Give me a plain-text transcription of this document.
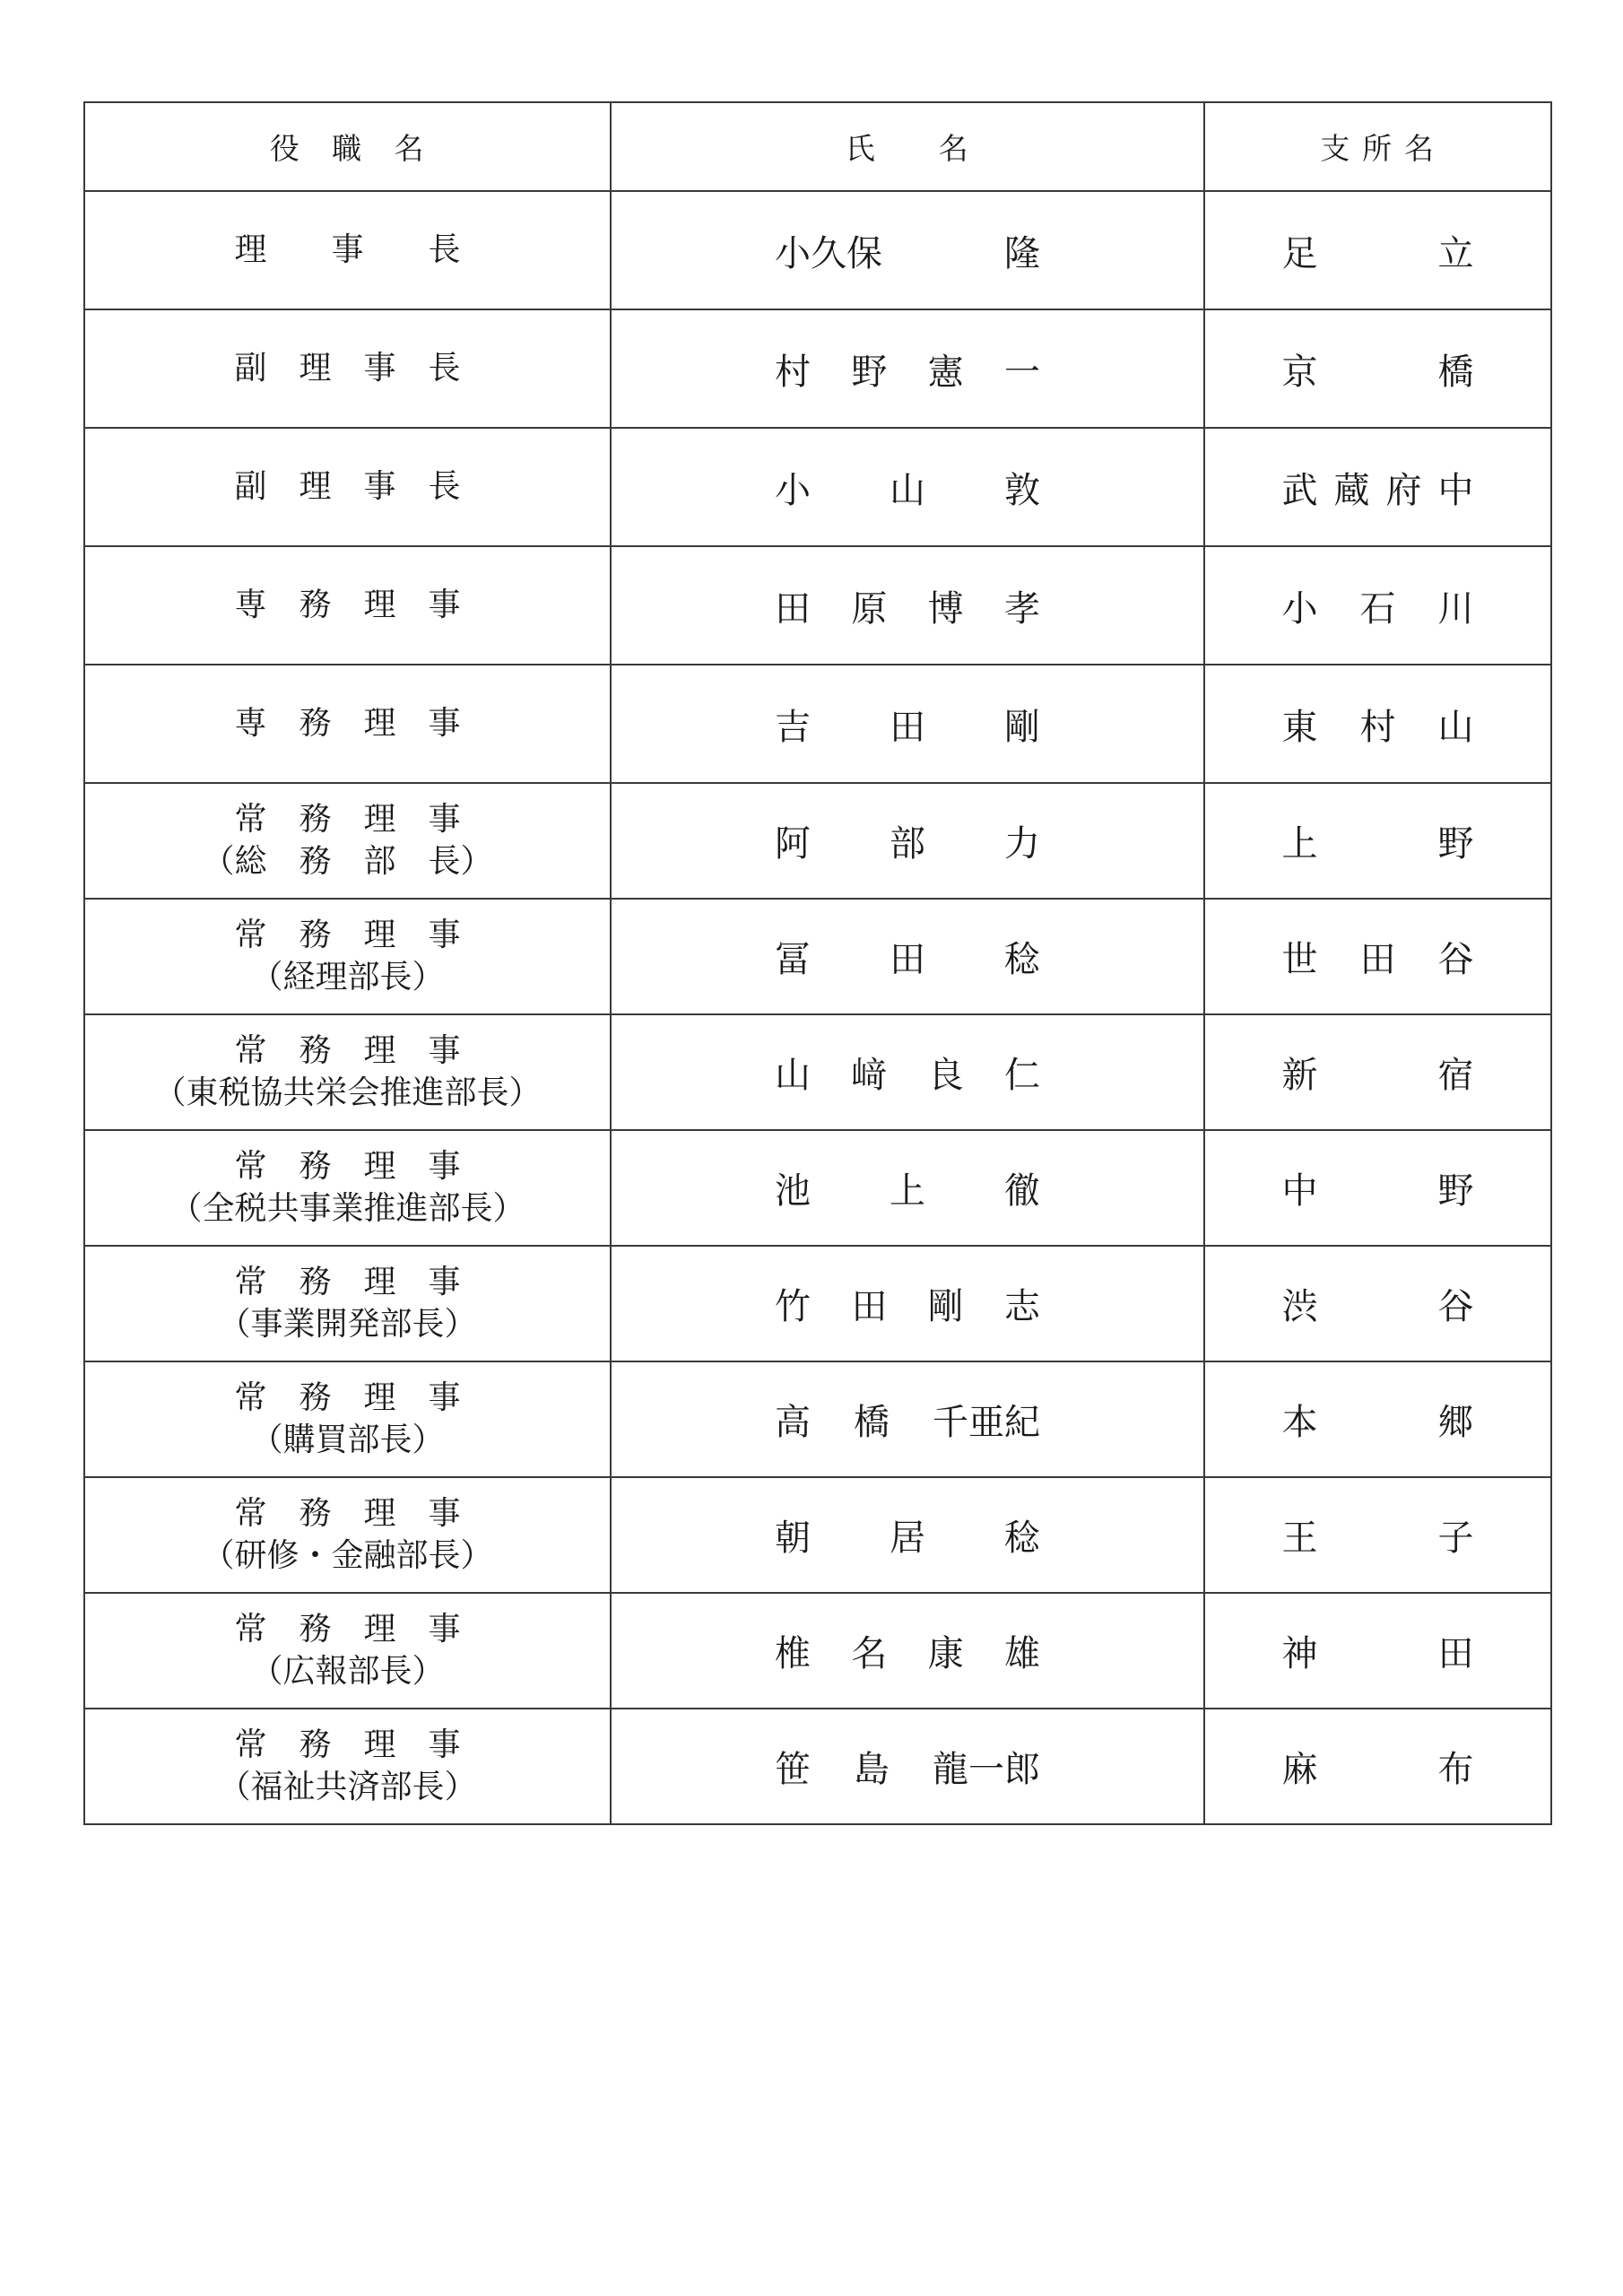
役　職　名	氏　　名	支 所 名

理　　事　　長	小久保 隆	足 立

副　理　事　長	村 野 憲 一	京 橋

副　理　事　長	小 山 敦	武 蔵 府 中

専　務　理　事	田 原 博 孝	小 石 川

専　務　理　事	吉 田 剛	東 村 山

常　務　理　事
（総　務　部　長）	阿 部 力	上 野

常　務　理　事
（経理部長）	冨 田 稔	世 田 谷

常　務　理　事
（東税協共栄会推進部長）	山 﨑 良 仁	新 宿

常　務　理　事
（全税共事業推進部長）	池 上 徹	中 野

常　務　理　事
（事業開発部長）	竹 田 剛 志	渋 谷

常　務　理　事
（購買部長）	高 橋 千亜紀	本 郷

常　務　理　事
（研修・金融部長）	朝 居 稔	王 子

常　務　理　事
（広報部長）	椎 名 康 雄	神 田

常　務　理　事
（福祉共済部長）	笹 島 龍一郎	麻 布
